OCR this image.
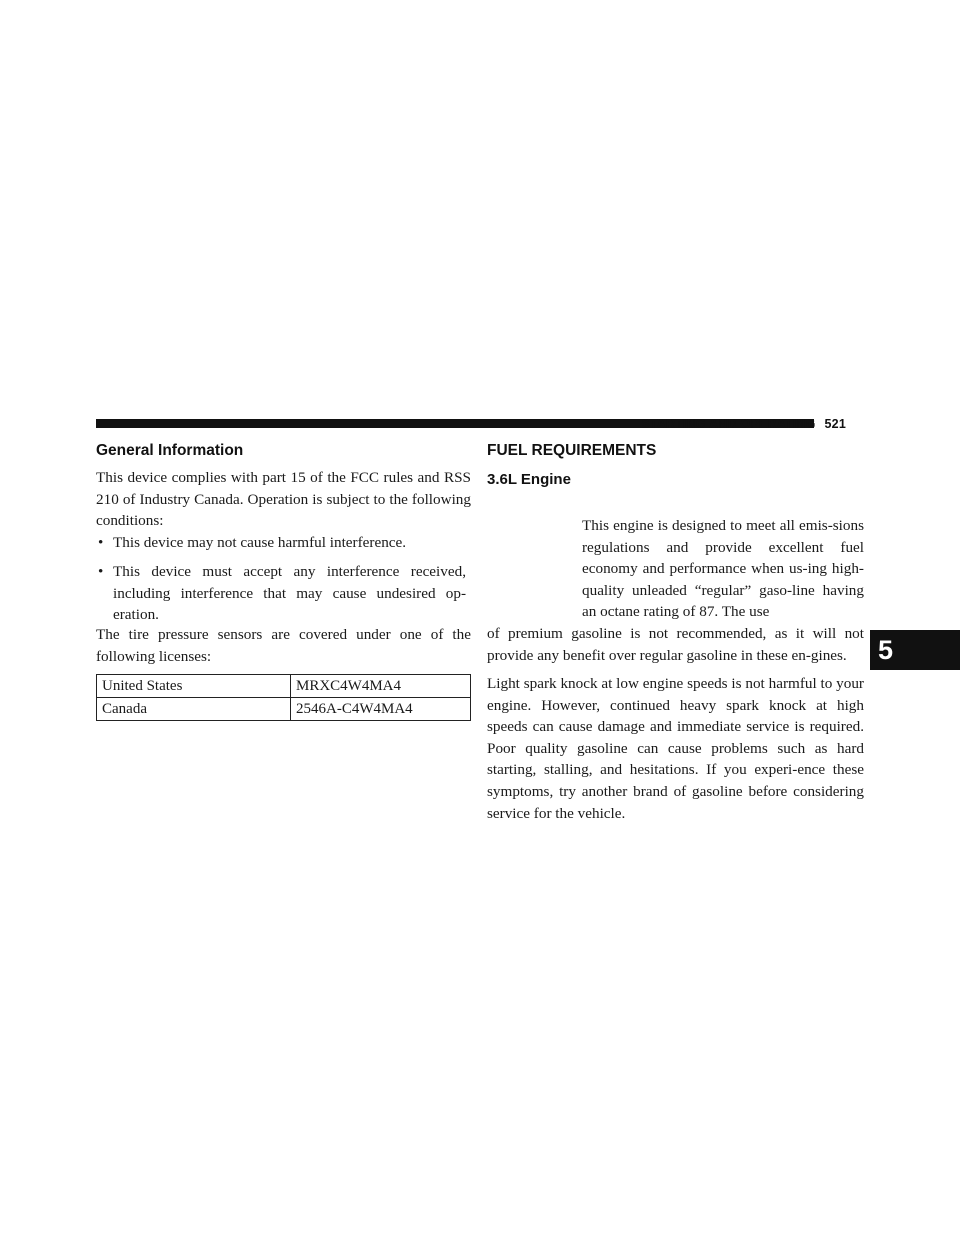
STARTING AND OPERATING 521
5
General Information

This device complies with part 15 of the FCC rules and RSS 210 of Industry Canada. Operation is subject to the following conditions:

• This device may not cause harmful interference.
• This device must accept any interference received, including interference that may cause undesired op-eration.

The tire pressure sensors are covered under one of the following licenses:

United States	MRXC4W4MA4
Canada	2546A-C4W4MA4
FUEL REQUIREMENTS
3.6L Engine
This engine is designed to meet all emis-sions regulations and provide excellent fuel economy and performance when us-ing high-quality unleaded “regular” gaso-line having an octane rating of 87. The use

of premium gasoline is not recommended, as it will not provide any benefit over regular gasoline in these en-gines.

Light spark knock at low engine speeds is not harmful to your engine. However, continued heavy spark knock at high speeds can cause damage and immediate service is required. Poor quality gasoline can cause problems such as hard starting, stalling, and hesitations. If you experi-ence these symptoms, try another brand of gasoline before considering service for the vehicle.
